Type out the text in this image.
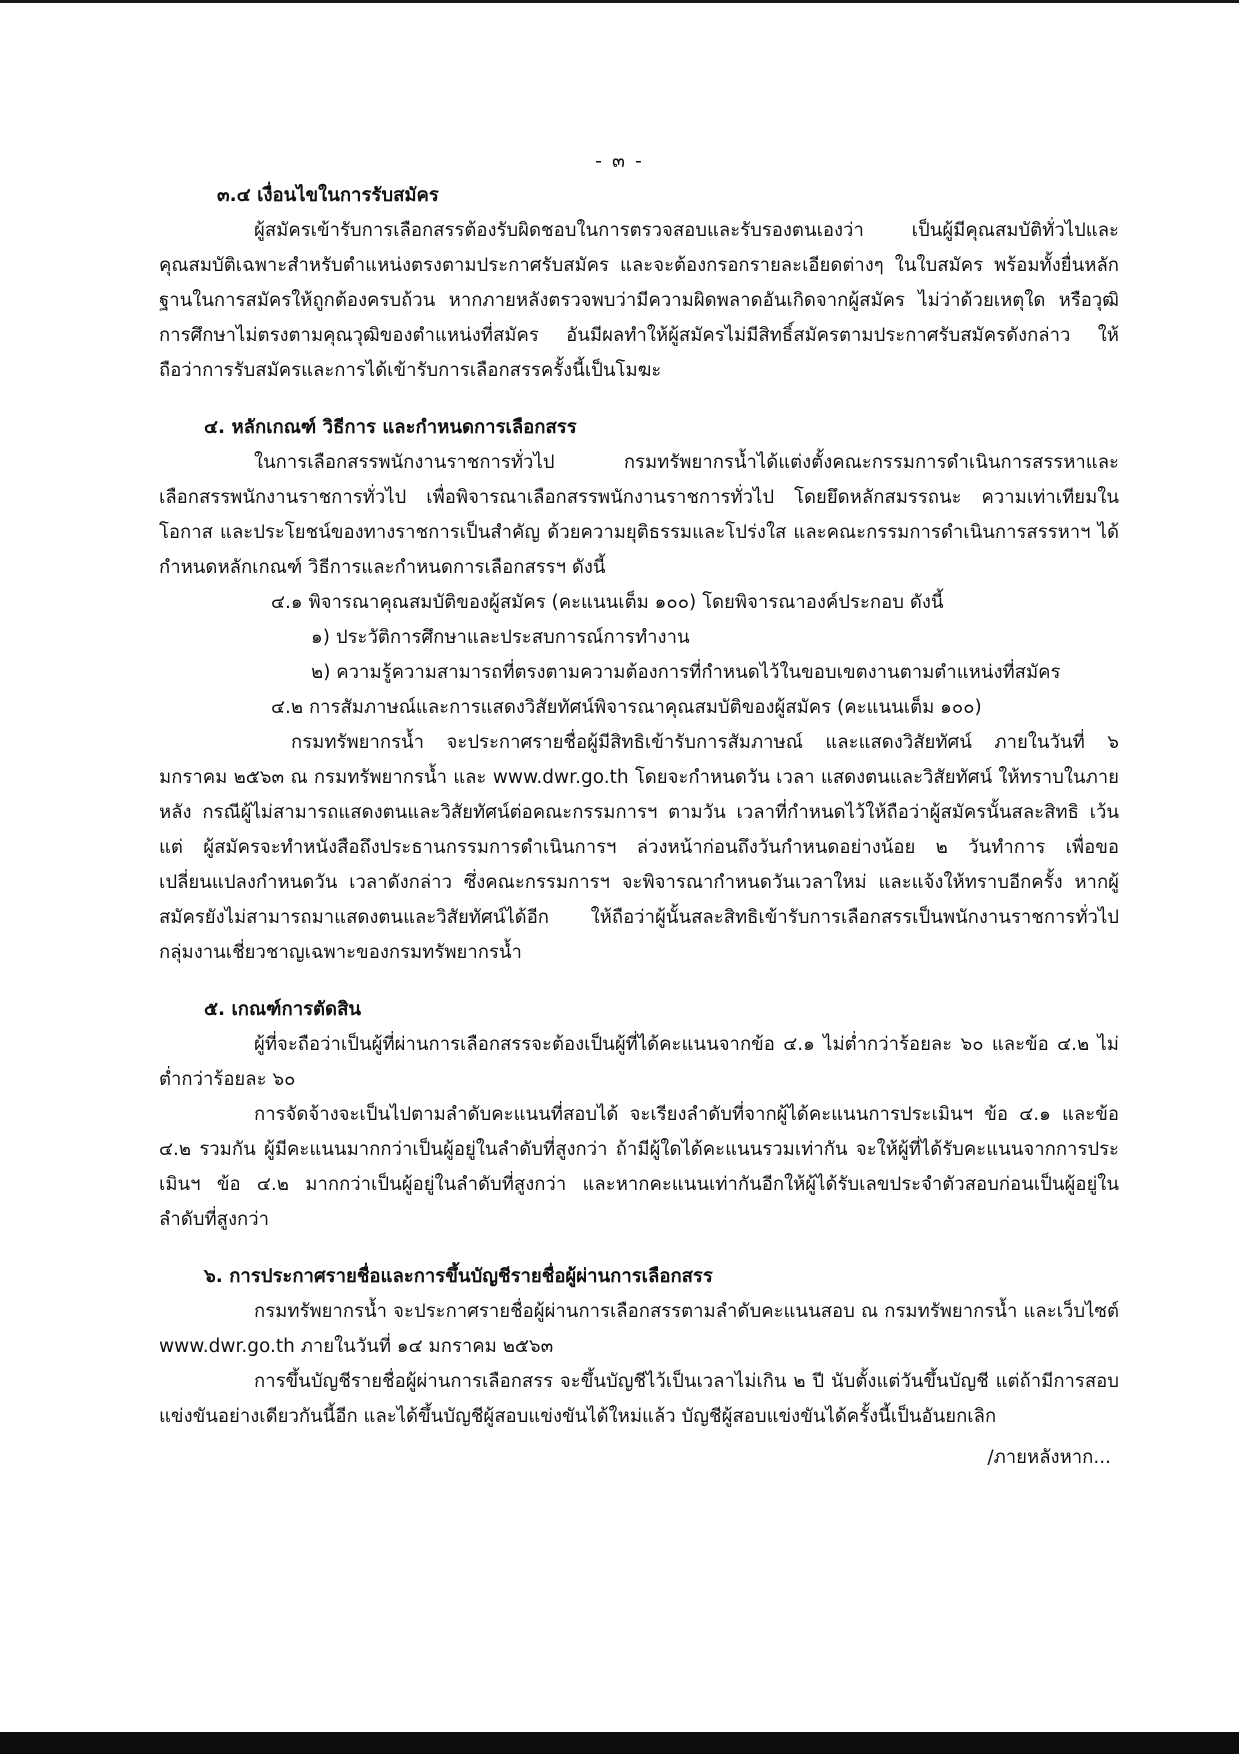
- ๓ -

๓.๔ เงื่อนไขในการรับสมัคร

ผู้สมัครเข้ารับการเลือกสรรต้องรับผิดชอบในการตรวจสอบและรับรองตนเองว่า เป็นผู้มีคุณสมบัติทั่วไปและคุณสมบัติเฉพาะสำหรับตำแหน่งตรงตามประกาศรับสมัคร และจะต้องกรอกรายละเอียดต่างๆ ในใบสมัคร พร้อมทั้งยื่นหลักฐานในการสมัครให้ถูกต้องครบถ้วน หากภายหลังตรวจพบว่ามีความผิดพลาดอันเกิดจากผู้สมัคร ไม่ว่าด้วยเหตุใด หรือวุฒิการศึกษาไม่ตรงตามคุณวุฒิของตำแหน่งที่สมัคร อันมีผลทำให้ผู้สมัครไม่มีสิทธิ์สมัครตามประกาศรับสมัครดังกล่าว ให้ถือว่าการรับสมัครและการได้เข้ารับการเลือกสรรครั้งนี้เป็นโมฆะ

๔. หลักเกณฑ์ วิธีการ และกำหนดการเลือกสรร

ในการเลือกสรรพนักงานราชการทั่วไป กรมทรัพยากรน้ำได้แต่งตั้งคณะกรรมการดำเนินการสรรหาและเลือกสรรพนักงานราชการทั่วไป เพื่อพิจารณาเลือกสรรพนักงานราชการทั่วไป โดยยึดหลักสมรรถนะ ความเท่าเทียมในโอกาส และประโยชน์ของทางราชการเป็นสำคัญ ด้วยความยุติธรรมและโปร่งใส และคณะกรรมการดำเนินการสรรหาฯ ได้กำหนดหลักเกณฑ์ วิธีการและกำหนดการเลือกสรรฯ ดังนี้

๔.๑ พิจารณาคุณสมบัติของผู้สมัคร (คะแนนเต็ม ๑๐๐) โดยพิจารณาองค์ประกอบ ดังนี้

๑) ประวัติการศึกษาและประสบการณ์การทำงาน

๒) ความรู้ความสามารถที่ตรงตามความต้องการที่กำหนดไว้ในขอบเขตงานตามตำแหน่งที่สมัคร

๔.๒ การสัมภาษณ์และการแสดงวิสัยทัศน์พิจารณาคุณสมบัติของผู้สมัคร (คะแนนเต็ม ๑๐๐)

กรมทรัพยากรน้ำ จะประกาศรายชื่อผู้มีสิทธิเข้ารับการสัมภาษณ์ และแสดงวิสัยทัศน์ ภายในวันที่ ๖ มกราคม ๒๕๖๓ ณ กรมทรัพยากรน้ำ และ www.dwr.go.th โดยจะกำหนดวัน เวลา แสดงตนและวิสัยทัศน์ ให้ทราบในภายหลัง กรณีผู้ไม่สามารถแสดงตนและวิสัยทัศน์ต่อคณะกรรมการฯ ตามวัน เวลาที่กำหนดไว้ให้ถือว่าผู้สมัครนั้นสละสิทธิ เว้นแต่ ผู้สมัครจะทำหนังสือถึงประธานกรรมการดำเนินการฯ ล่วงหน้าก่อนถึงวันกำหนดอย่างน้อย ๒ วันทำการ เพื่อขอเปลี่ยนแปลงกำหนดวัน เวลาดังกล่าว ซึ่งคณะกรรมการฯ จะพิจารณากำหนดวันเวลาใหม่ และแจ้งให้ทราบอีกครั้ง หากผู้สมัครยังไม่สามารถมาแสดงตนและวิสัยทัศน์ได้อีก ให้ถือว่าผู้นั้นสละสิทธิเข้ารับการเลือกสรรเป็นพนักงานราชการทั่วไป กลุ่มงานเชี่ยวชาญเฉพาะของกรมทรัพยากรน้ำ

๕. เกณฑ์การตัดสิน

ผู้ที่จะถือว่าเป็นผู้ที่ผ่านการเลือกสรรจะต้องเป็นผู้ที่ได้คะแนนจากข้อ ๔.๑ ไม่ต่ำกว่าร้อยละ ๖๐ และข้อ ๔.๒ ไม่ต่ำกว่าร้อยละ ๖๐

การจัดจ้างจะเป็นไปตามลำดับคะแนนที่สอบได้ จะเรียงลำดับที่จากผู้ได้คะแนนการประเมินฯ ข้อ ๔.๑ และข้อ ๔.๒ รวมกัน ผู้มีคะแนนมากกว่าเป็นผู้อยู่ในลำดับที่สูงกว่า ถ้ามีผู้ใดได้คะแนนรวมเท่ากัน จะให้ผู้ที่ได้รับคะแนนจากการประเมินฯ ข้อ ๔.๒ มากกว่าเป็นผู้อยู่ในลำดับที่สูงกว่า และหากคะแนนเท่ากันอีกให้ผู้ได้รับเลขประจำตัวสอบก่อนเป็นผู้อยู่ในลำดับที่สูงกว่า

๖. การประกาศรายชื่อและการขึ้นบัญชีรายชื่อผู้ผ่านการเลือกสรร

กรมทรัพยากรน้ำ จะประกาศรายชื่อผู้ผ่านการเลือกสรรตามลำดับคะแนนสอบ ณ กรมทรัพยากรน้ำ และเว็บไซต์ www.dwr.go.th ภายในวันที่ ๑๔ มกราคม ๒๕๖๓

การขึ้นบัญชีรายชื่อผู้ผ่านการเลือกสรร จะขึ้นบัญชีไว้เป็นเวลาไม่เกิน ๒ ปี นับตั้งแต่วันขึ้นบัญชี แต่ถ้ามีการสอบแข่งขันอย่างเดียวกันนี้อีก และได้ขึ้นบัญชีผู้สอบแข่งขันได้ใหม่แล้ว บัญชีผู้สอบแข่งขันได้ครั้งนี้เป็นอันยกเลิก

/ภายหลังหาก...
